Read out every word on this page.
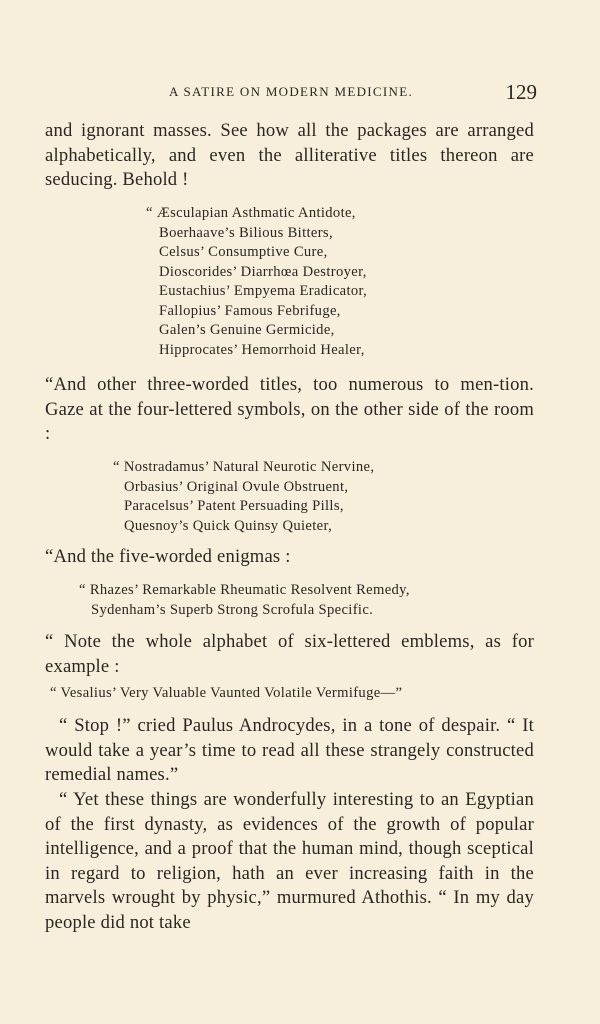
A SATIRE ON MODERN MEDICINE.	129

and ignorant masses. See how all the packages are arranged alphabetically, and even the alliterative titles thereon are seducing. Behold !

“ Æsculapian Asthmatic Antidote,
Boerhaave’s Bilious Bitters,
Celsus’ Consumptive Cure,
Dioscorides’ Diarrhœa Destroyer,
Eustachius’ Empyema Eradicator,
Fallopius’ Famous Febrifuge,
Galen’s Genuine Germicide,
Hipprocates’ Hemorrhoid Healer,

“And other three-worded titles, too numerous to men-tion. Gaze at the four-lettered symbols, on the other side of the room :

“ Nostradamus’ Natural Neurotic Nervine,
Orbasius’ Original Ovule Obstruent,
Paracelsus’ Patent Persuading Pills,
Quesnoy’s Quick Quinsy Quieter,

“And the five-worded enigmas :

“ Rhazes’ Remarkable Rheumatic Resolvent Remedy,
Sydenham’s Superb Strong Scrofula Specific.

“ Note the whole alphabet of six-lettered emblems, as for example :

“ Vesalius’ Very Valuable Vaunted Volatile Vermifuge—”

“ Stop !” cried Paulus Androcydes, in a tone of despair. “ It would take a year’s time to read all these strangely constructed remedial names.”

“ Yet these things are wonderfully interesting to an Egyptian of the first dynasty, as evidences of the growth of popular intelligence, and a proof that the human mind, though sceptical in regard to religion, hath an ever increasing faith in the marvels wrought by physic,” murmured Athothis. “ In my day people did not take
